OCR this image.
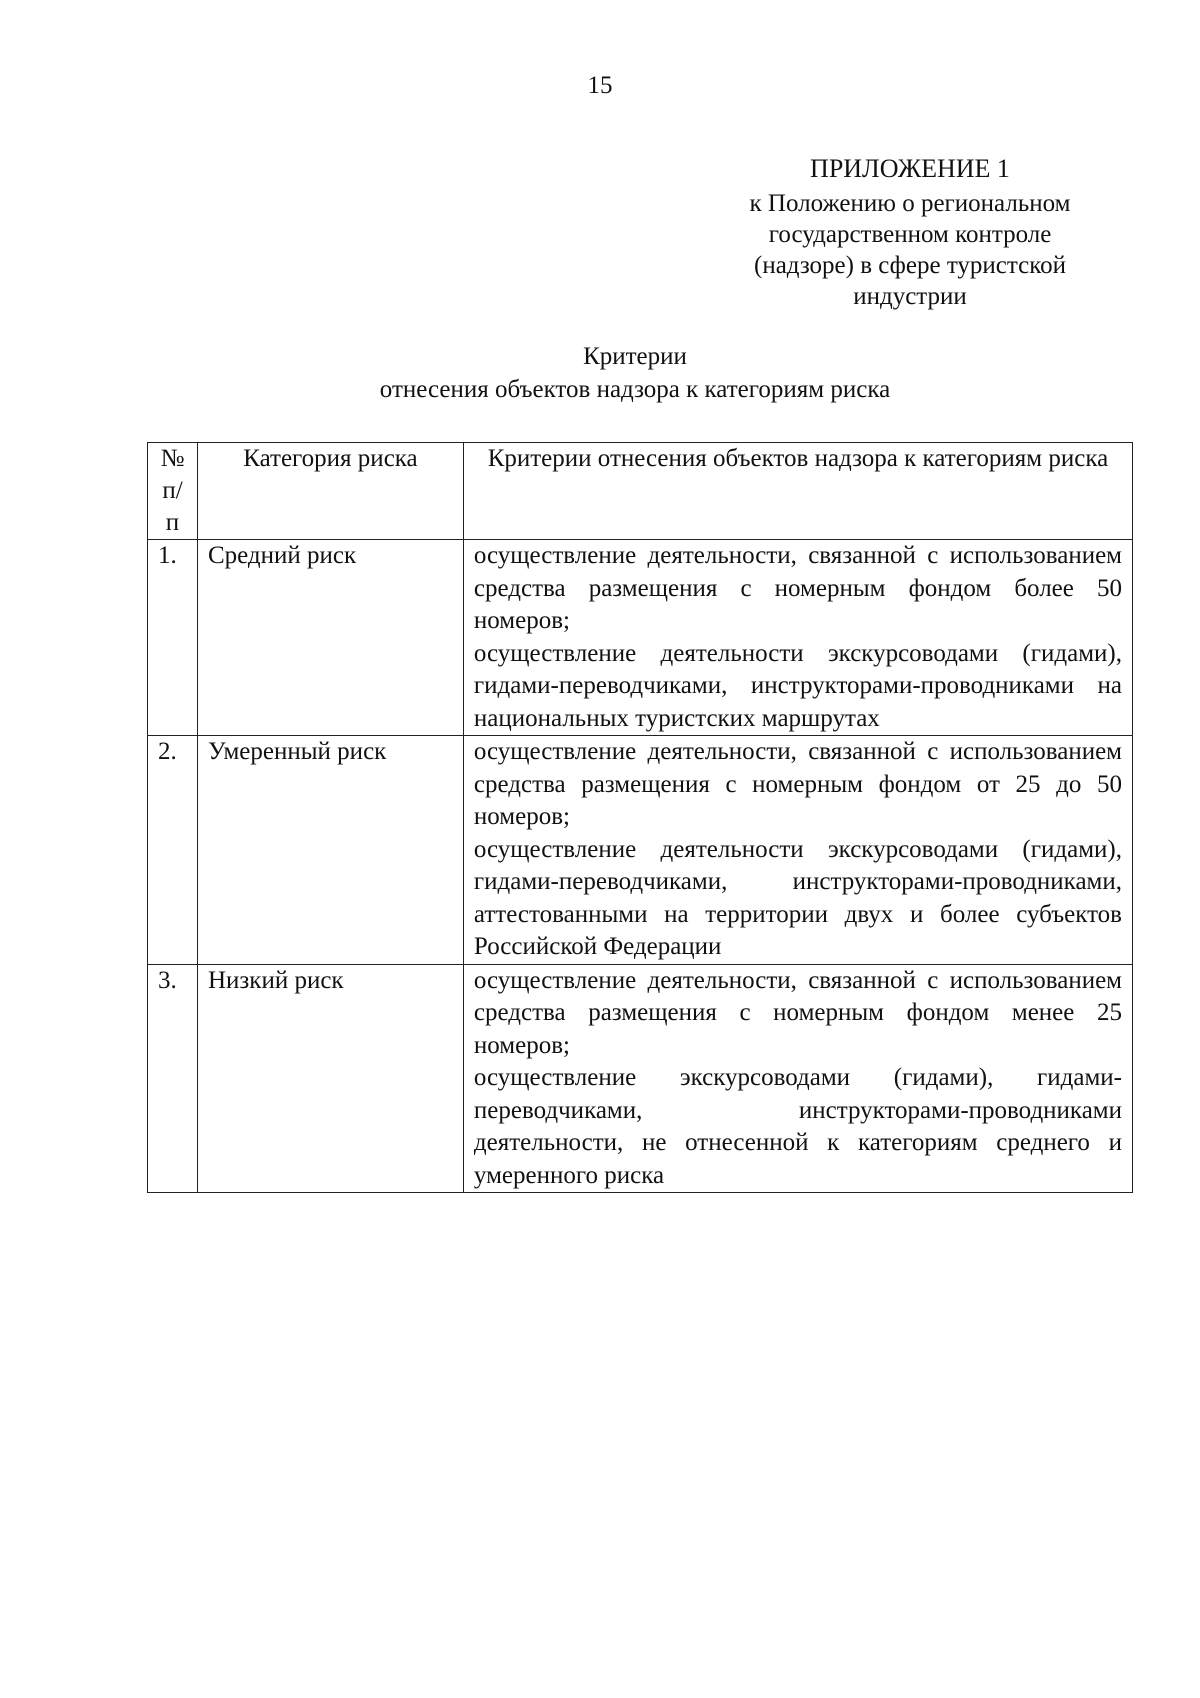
15
ПРИЛОЖЕНИЕ 1
к Положению о региональном
государственном контроле
(надзоре) в сфере туристской
индустрии
Критерии
отнесения объектов надзора к категориям риска
№
п/п	Категория риска	Критерии отнесения объектов надзора к категориям риска
1.	Средний риск	осуществление деятельности, связанной с использованием средства размещения с номерным фондом более 50 номеров;

осуществление деятельности экскурсоводами (гидами), гидами-переводчиками, инструкторами-проводниками на национальных туристских маршрутах

2.	Умеренный риск	осуществление деятельности, связанной с использованием средства размещения с номерным фондом от 25 до 50 номеров;

осуществление деятельности экскурсоводами (гидами), гидами-переводчиками, инструкторами-проводниками, аттестованными на территории двух и более субъектов Российской Федерации

3.	Низкий риск	осуществление деятельности, связанной с использованием средства размещения с номерным фондом менее 25 номеров;

осуществление экскурсоводами (гидами), гидами-переводчиками, инструкторами-проводниками деятельности, не отнесенной к категориям среднего и умеренного риска
